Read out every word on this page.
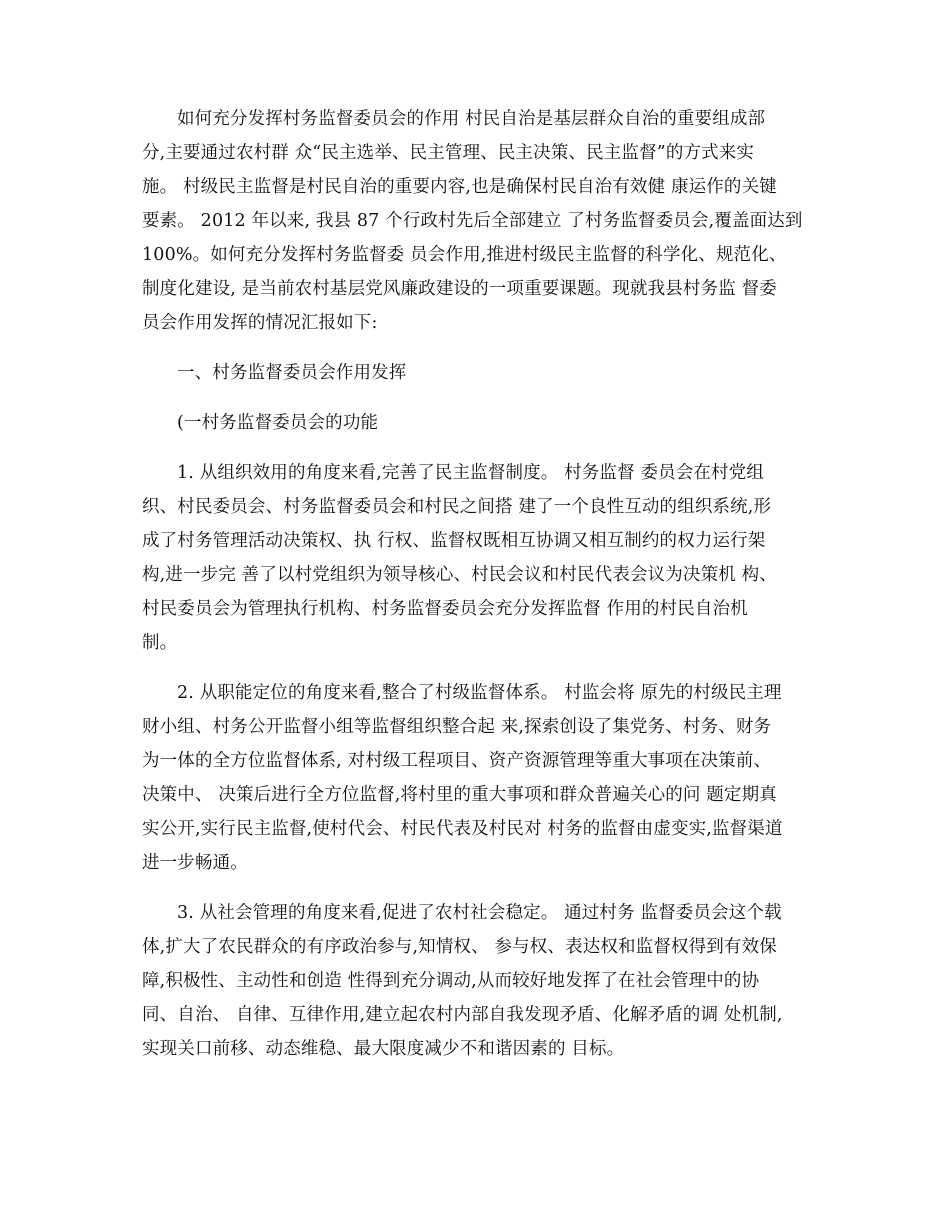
如何充分发挥村务监督委员会的作用 村民自治是基层群众自治的重要组成部
分,主要通过农村群 众“民主选举、民主管理、民主决策、民主监督”的方式来实
施。 村级民主监督是村民自治的重要内容,也是确保村民自治有效健 康运作的关键
要素。 2012 年以来, 我县 87 个行政村先后全部建立 了村务监督委员会,覆盖面达到
100%。如何充分发挥村务监督委 员会作用,推进村级民主监督的科学化、规范化、
制度化建设, 是当前农村基层党风廉政建设的一项重要课题。现就我县村务监 督委
员会作用发挥的情况汇报如下:
一、村务监督委员会作用发挥
(一村务监督委员会的功能
1. 从组织效用的角度来看,完善了民主监督制度。 村务监督 委员会在村党组
织、村民委员会、村务监督委员会和村民之间搭 建了一个良性互动的组织系统,形
成了村务管理活动决策权、执 行权、监督权既相互协调又相互制约的权力运行架
构,进一步完 善了以村党组织为领导核心、村民会议和村民代表会议为决策机 构、
村民委员会为管理执行机构、村务监督委员会充分发挥监督 作用的村民自治机
制。
2. 从职能定位的角度来看,整合了村级监督体系。 村监会将 原先的村级民主理
财小组、村务公开监督小组等监督组织整合起 来,探索创设了集党务、村务、财务
为一体的全方位监督体系, 对村级工程项目、资产资源管理等重大事项在决策前、
决策中、 决策后进行全方位监督,将村里的重大事项和群众普遍关心的问 题定期真
实公开,实行民主监督,使村代会、村民代表及村民对 村务的监督由虚变实,监督渠道
进一步畅通。
3. 从社会管理的角度来看,促进了农村社会稳定。 通过村务 监督委员会这个载
体,扩大了农民群众的有序政治参与,知情权、 参与权、表达权和监督权得到有效保
障,积极性、主动性和创造 性得到充分调动,从而较好地发挥了在社会管理中的协
同、自治、 自律、互律作用,建立起农村内部自我发现矛盾、化解矛盾的调 处机制,
实现关口前移、动态维稳、最大限度减少不和谐因素的 目标。
